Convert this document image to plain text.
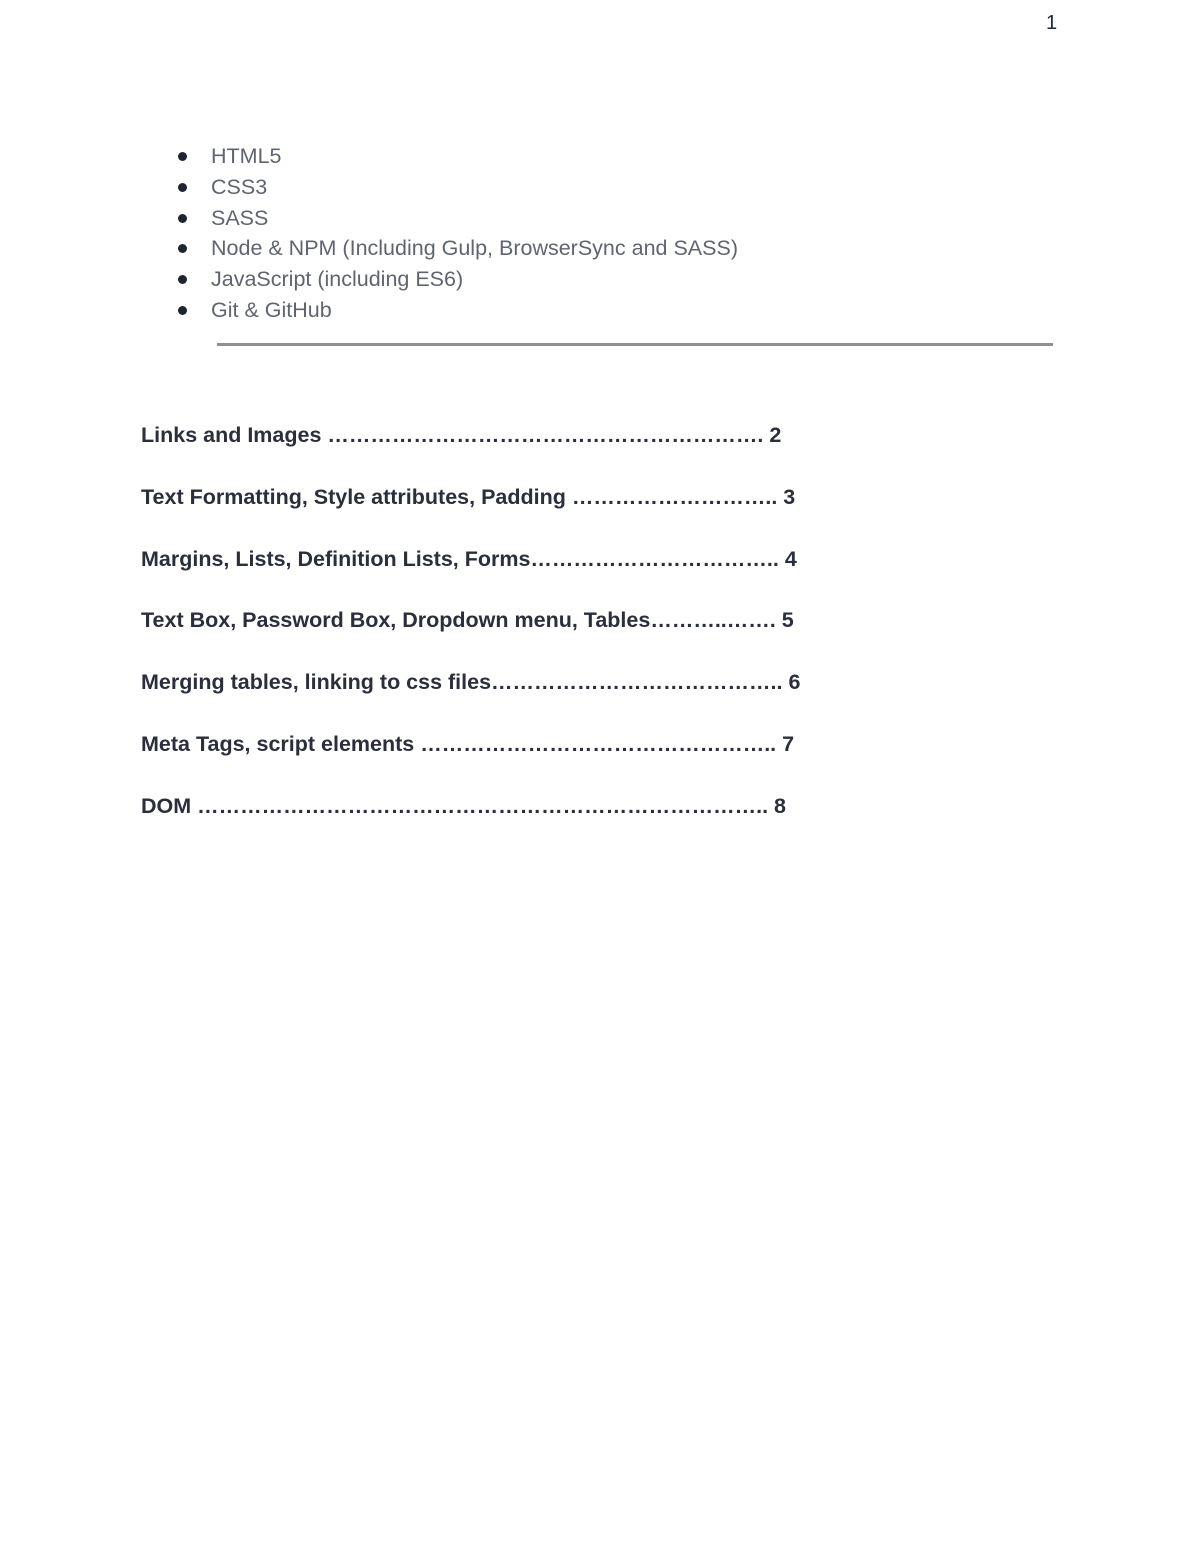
1
HTML5
CSS3
SASS
Node & NPM (Including Gulp, BrowserSync and SASS)
JavaScript (including ES6)
Git & GitHub
Links and Images ……………………………………………………. 2
Text Formatting, Style attributes, Padding ……………………….. 3
Margins, Lists, Definition Lists, Forms…………………………….. 4
Text Box, Password Box, Dropdown menu, Tables………..……. 5
Merging tables, linking to css files………………………………….. 6
Meta Tags, script elements ………………………………………….. 7
DOM …………………………………………………………………….. 8
